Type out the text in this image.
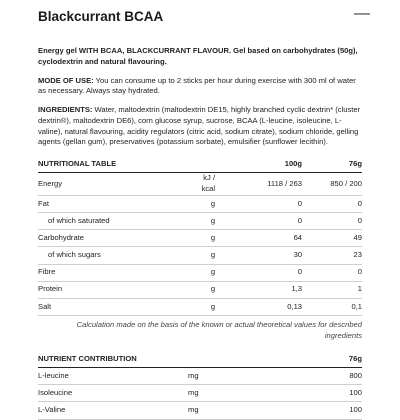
Blackcurrant BCAA	—

Energy gel WITH BCAA, BLACKCURRANT FLAVOUR. Gel based on carbohydrates (50g), cyclodextrin and natural flavouring.

MODE OF USE: You can consume up to 2 sticks per hour during exercise with 300 ml of water as necessary. Always stay hydrated.

INGREDIENTS: Water, maltodextrin (maltodextrin DE15, highly branched cyclic dextrin* (cluster dextrin®), maltodextrin DE6), corn glucose syrup, sucrose, BCAA (L-leucine, isoleucine, L-valine), natural flavouring, acidity regulators (citric acid, sodium citrate), sodium chloride, gelling agents (gellan gum), preservatives (potassium sorbate), emulsifier (sunflower lecithin).

NUTRITIONAL TABLE		100g	76g
Energy	kJ / kcal	1118 / 263	850 / 200
Fat	g	0	0
of which saturated	g	0	0
Carbohydrate	g	64	49
of which sugars	g	30	23
Fibre	g	0	0
Protein	g	1,3	1
Salt	g	0,13	0,1
Calculation made on the basis of the known or actual theoretical values for described ingredients
NUTRIENT CONTRIBUTION		76g
L-leucine	mg	800
Isoleucine	mg	100
L-Valine	mg	100
